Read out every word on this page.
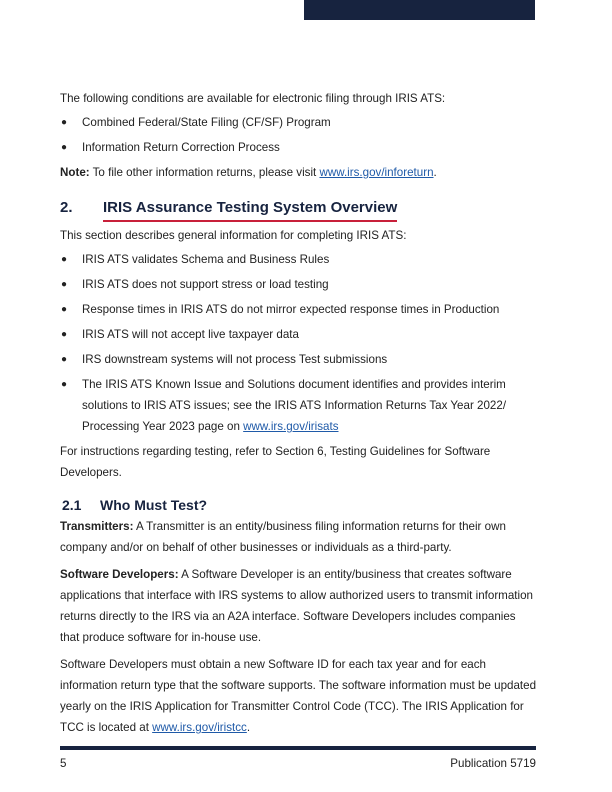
The following conditions are available for electronic filing through IRIS ATS:

● Combined Federal/State Filing (CF/SF) Program
● Information Return Correction Process

Note: To file other information returns, please visit www.irs.gov/inforeturn.

2.	IRIS Assurance Testing System Overview

This section describes general information for completing IRIS ATS:

● IRIS ATS validates Schema and Business Rules
● IRIS ATS does not support stress or load testing
● Response times in IRIS ATS do not mirror expected response times in Production
● IRIS ATS will not accept live taxpayer data
● IRS downstream systems will not process Test submissions
● The IRIS ATS Known Issue and Solutions document identifies and provides interim solutions to IRIS ATS issues; see the IRIS ATS Information Returns Tax Year 2022/ Processing Year 2023 page on www.irs.gov/irisats

For instructions regarding testing, refer to Section 6, Testing Guidelines for Software Developers.

2.1	Who Must Test?

Transmitters: A Transmitter is an entity/business filing information returns for their own company and/or on behalf of other businesses or individuals as a third-party.

Software Developers: A Software Developer is an entity/business that creates software applications that interface with IRS systems to allow authorized users to transmit information returns directly to the IRS via an A2A interface. Software Developers includes companies that produce software for in-house use.

Software Developers must obtain a new Software ID for each tax year and for each information return type that the software supports. The software information must be updated yearly on the IRIS Application for Transmitter Control Code (TCC). The IRIS Application for TCC is located at www.irs.gov/iristcc.

5	Publication 5719
